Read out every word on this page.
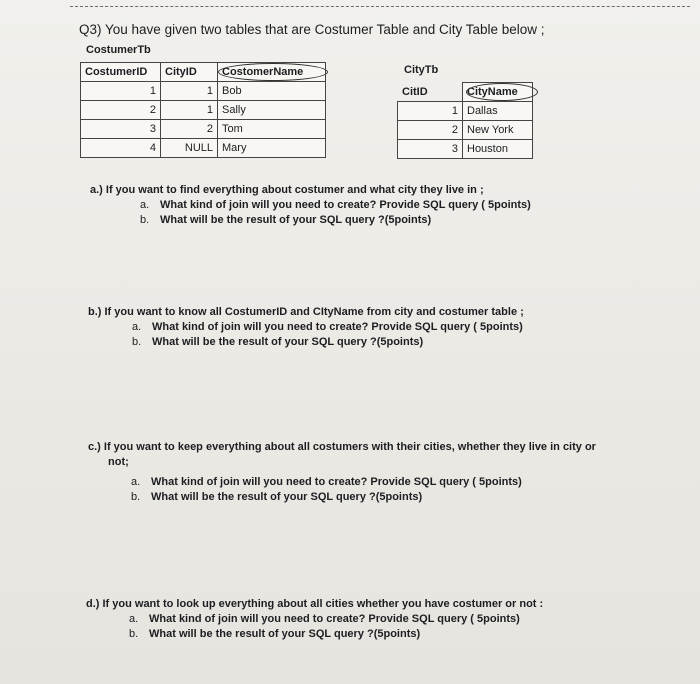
Q3) You have given two tables that are Costumer Table and City Table below ;
CostumerTb
CostumerID	CityID	CostomerName
1	1	Bob
2	1	Sally
3	2	Tom
4	NULL	Mary
CityTb
CitID	CityName
1	Dallas
2	New York
3	Houston
a.) If you want to find everything about costumer and what city they live in ;
a. What kind of join will you need to create? Provide SQL query ( 5points)
b. What will be the result of your SQL query ?(5points)
b.) If you want to know all CostumerID and CItyName from city and costumer table ;
a. What kind of join will you need to create? Provide SQL query ( 5points)
b. What will be the result of your SQL query ?(5points)
c.) If you want to keep everything about all costumers with their cities, whether they live in city or
not;
a. What kind of join will you need to create? Provide SQL query ( 5points)
b. What will be the result of your SQL query ?(5points)
d.) If you want to look up everything about all cities whether you have costumer or not :
a. What kind of join will you need to create? Provide SQL query ( 5points)
b. What will be the result of your SQL query ?(5points)
